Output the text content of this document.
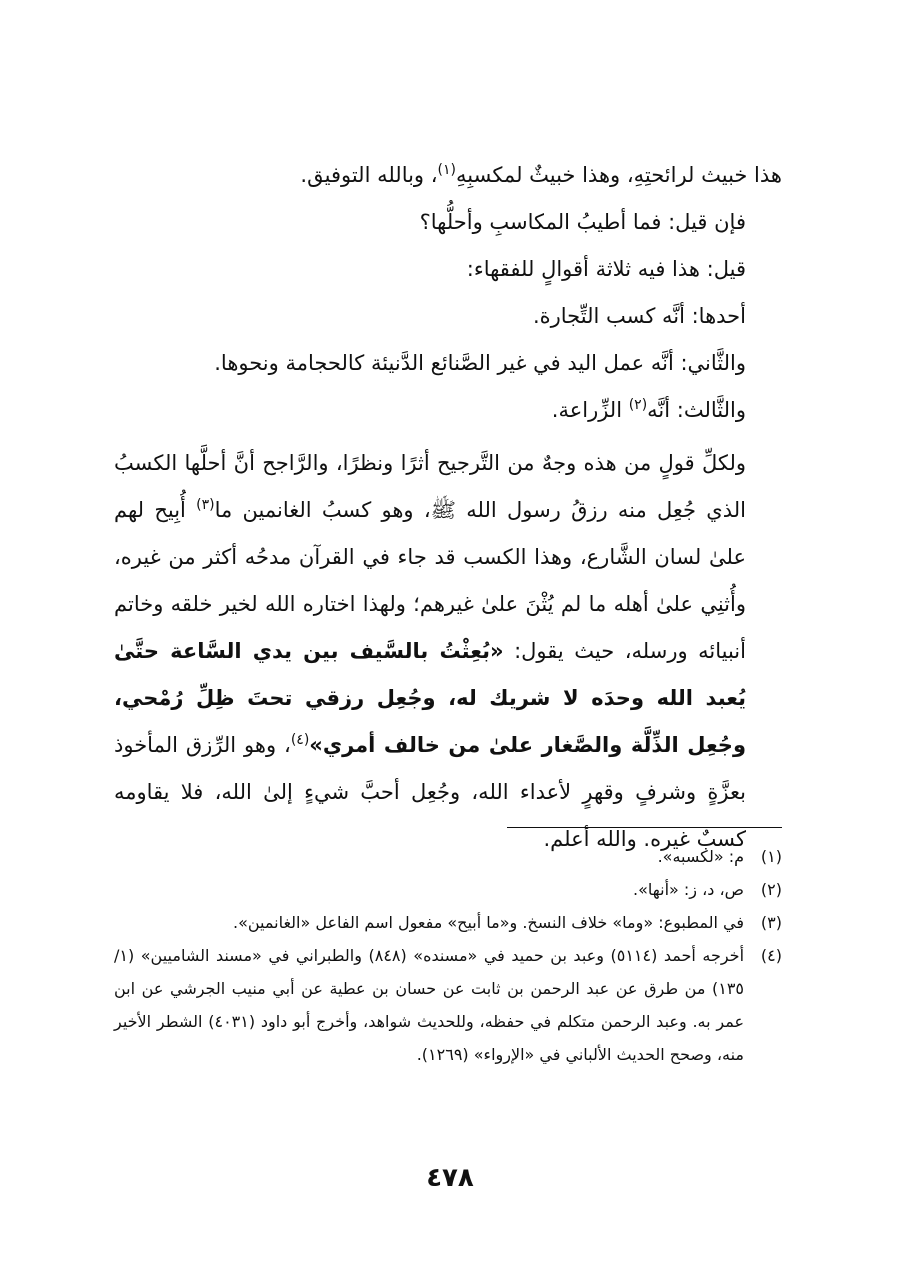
هذا خبيث لرائحتِهِ، وهذا خبيثٌ لمكسبِهِ$^{(١)}$، وبالله التوفيق.

فإن قيل: فما أطيبُ المكاسبِ وأحلُّها؟

قيل: هذا فيه ثلاثة أقوالٍ للفقهاء:

أحدها: أنَّه كسب التِّجارة.

والثَّاني: أنَّه عمل اليد في غير الصَّنائع الدَّنيئة كالحجامة ونحوها.

والثَّالث: أنَّه$^{(٢)}$ الزِّراعة.

ولكلِّ قولٍ من هذه وجهٌ من التَّرجيح أثرًا ونظرًا، والرَّاجح أنَّ أحلَّها الكسبُ الذي جُعِل منه رزقُ رسول الله ﷺ، وهو كسبُ الغانمين ما$^{(٣)}$ أُبِيح لهم علىٰ لسان الشَّارع، وهذا الكسب قد جاء في القرآن مدحُه أكثر من غيره، وأُثنِي علىٰ أهله ما لم يُثْنَ علىٰ غيرهم؛ ولهذا اختاره الله لخير خلقه وخاتم أنبيائه ورسله، حيث يقول: «بُعِثْتُ بالسَّيف بين يدي السَّاعة حتَّىٰ يُعبد الله وحدَه لا شريك له، وجُعِل رزقي تحتَ ظِلِّ رُمْحي، وجُعِل الذِّلَّة والصَّغار علىٰ من خالف أمري»$^{(٤)}$، وهو الرِّزق المأخوذ بعزَّةٍ وشرفٍ وقهرٍ لأعداء الله، وجُعِل أحبَّ شيءٍ إلىٰ الله، فلا يقاومه كسبٌ غيره. والله أعلم.

(١)
م: «لكسبه».
(٢)
ص، د، ز: «أنها».
(٣)
في المطبوع: «وما» خلاف النسخ. و«ما أبيح» مفعول اسم الفاعل «الغانمين».
(٤)
أخرجه أحمد (٥١١٤) وعبد بن حميد في «مسنده» (٨٤٨) والطبراني في «مسند الشاميين» (١/ ١٣٥) من طرق عن عبد الرحمن بن ثابت عن حسان بن عطية عن أبي منيب الجرشي عن ابن عمر به. وعبد الرحمن متكلم في حفظه، وللحديث شواهد، وأخرج أبو داود (٤٠٣١) الشطر الأخير منه، وصحح الحديث الألباني في «الإرواء» (١٢٦٩).
٤٧٨
